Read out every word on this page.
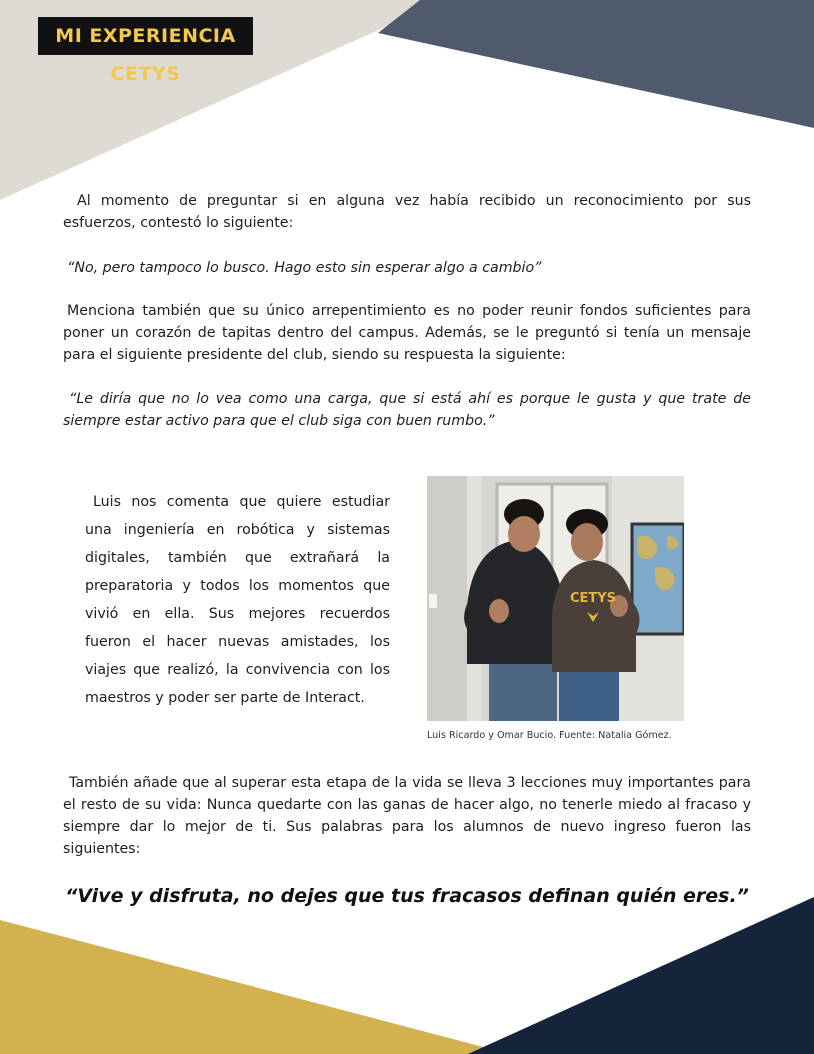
MI EXPERIENCIA CETYS

Al momento de preguntar si en alguna vez había recibido un reconocimiento por sus esfuerzos, contestó lo siguiente:

“No, pero tampoco lo busco. Hago esto sin esperar algo a cambio”

Menciona también que su único arrepentimiento es no poder reunir fondos suficientes para poner un corazón de tapitas dentro del campus. Además, se le preguntó si tenía un mensaje para el siguiente presidente del club, siendo su respuesta la siguiente:

“Le diría que no lo vea como una carga, que si está ahí es porque le gusta y que trate de siempre estar activo para que el club siga con buen rumbo.”

Luis nos comenta que quiere estudiar una ingeniería en robótica y sistemas digitales, también que extrañará la preparatoria y todos los momentos que vivió en ella. Sus mejores recuerdos fueron el hacer nuevas amistades, los viajes que realizó, la convivencia con los maestros y poder ser parte de Interact.

CETYS

Luis Ricardo y Omar Bucio. Fuente: Natalia Gómez.

También añade que al superar esta etapa de la vida se lleva 3 lecciones muy importantes para el resto de su vida: Nunca quedarte con las ganas de hacer algo, no tenerle miedo al fracaso y siempre dar lo mejor de ti. Sus palabras para los alumnos de nuevo ingreso fueron las siguientes:

“Vive y disfruta, no dejes que tus fracasos definan quién eres.”
